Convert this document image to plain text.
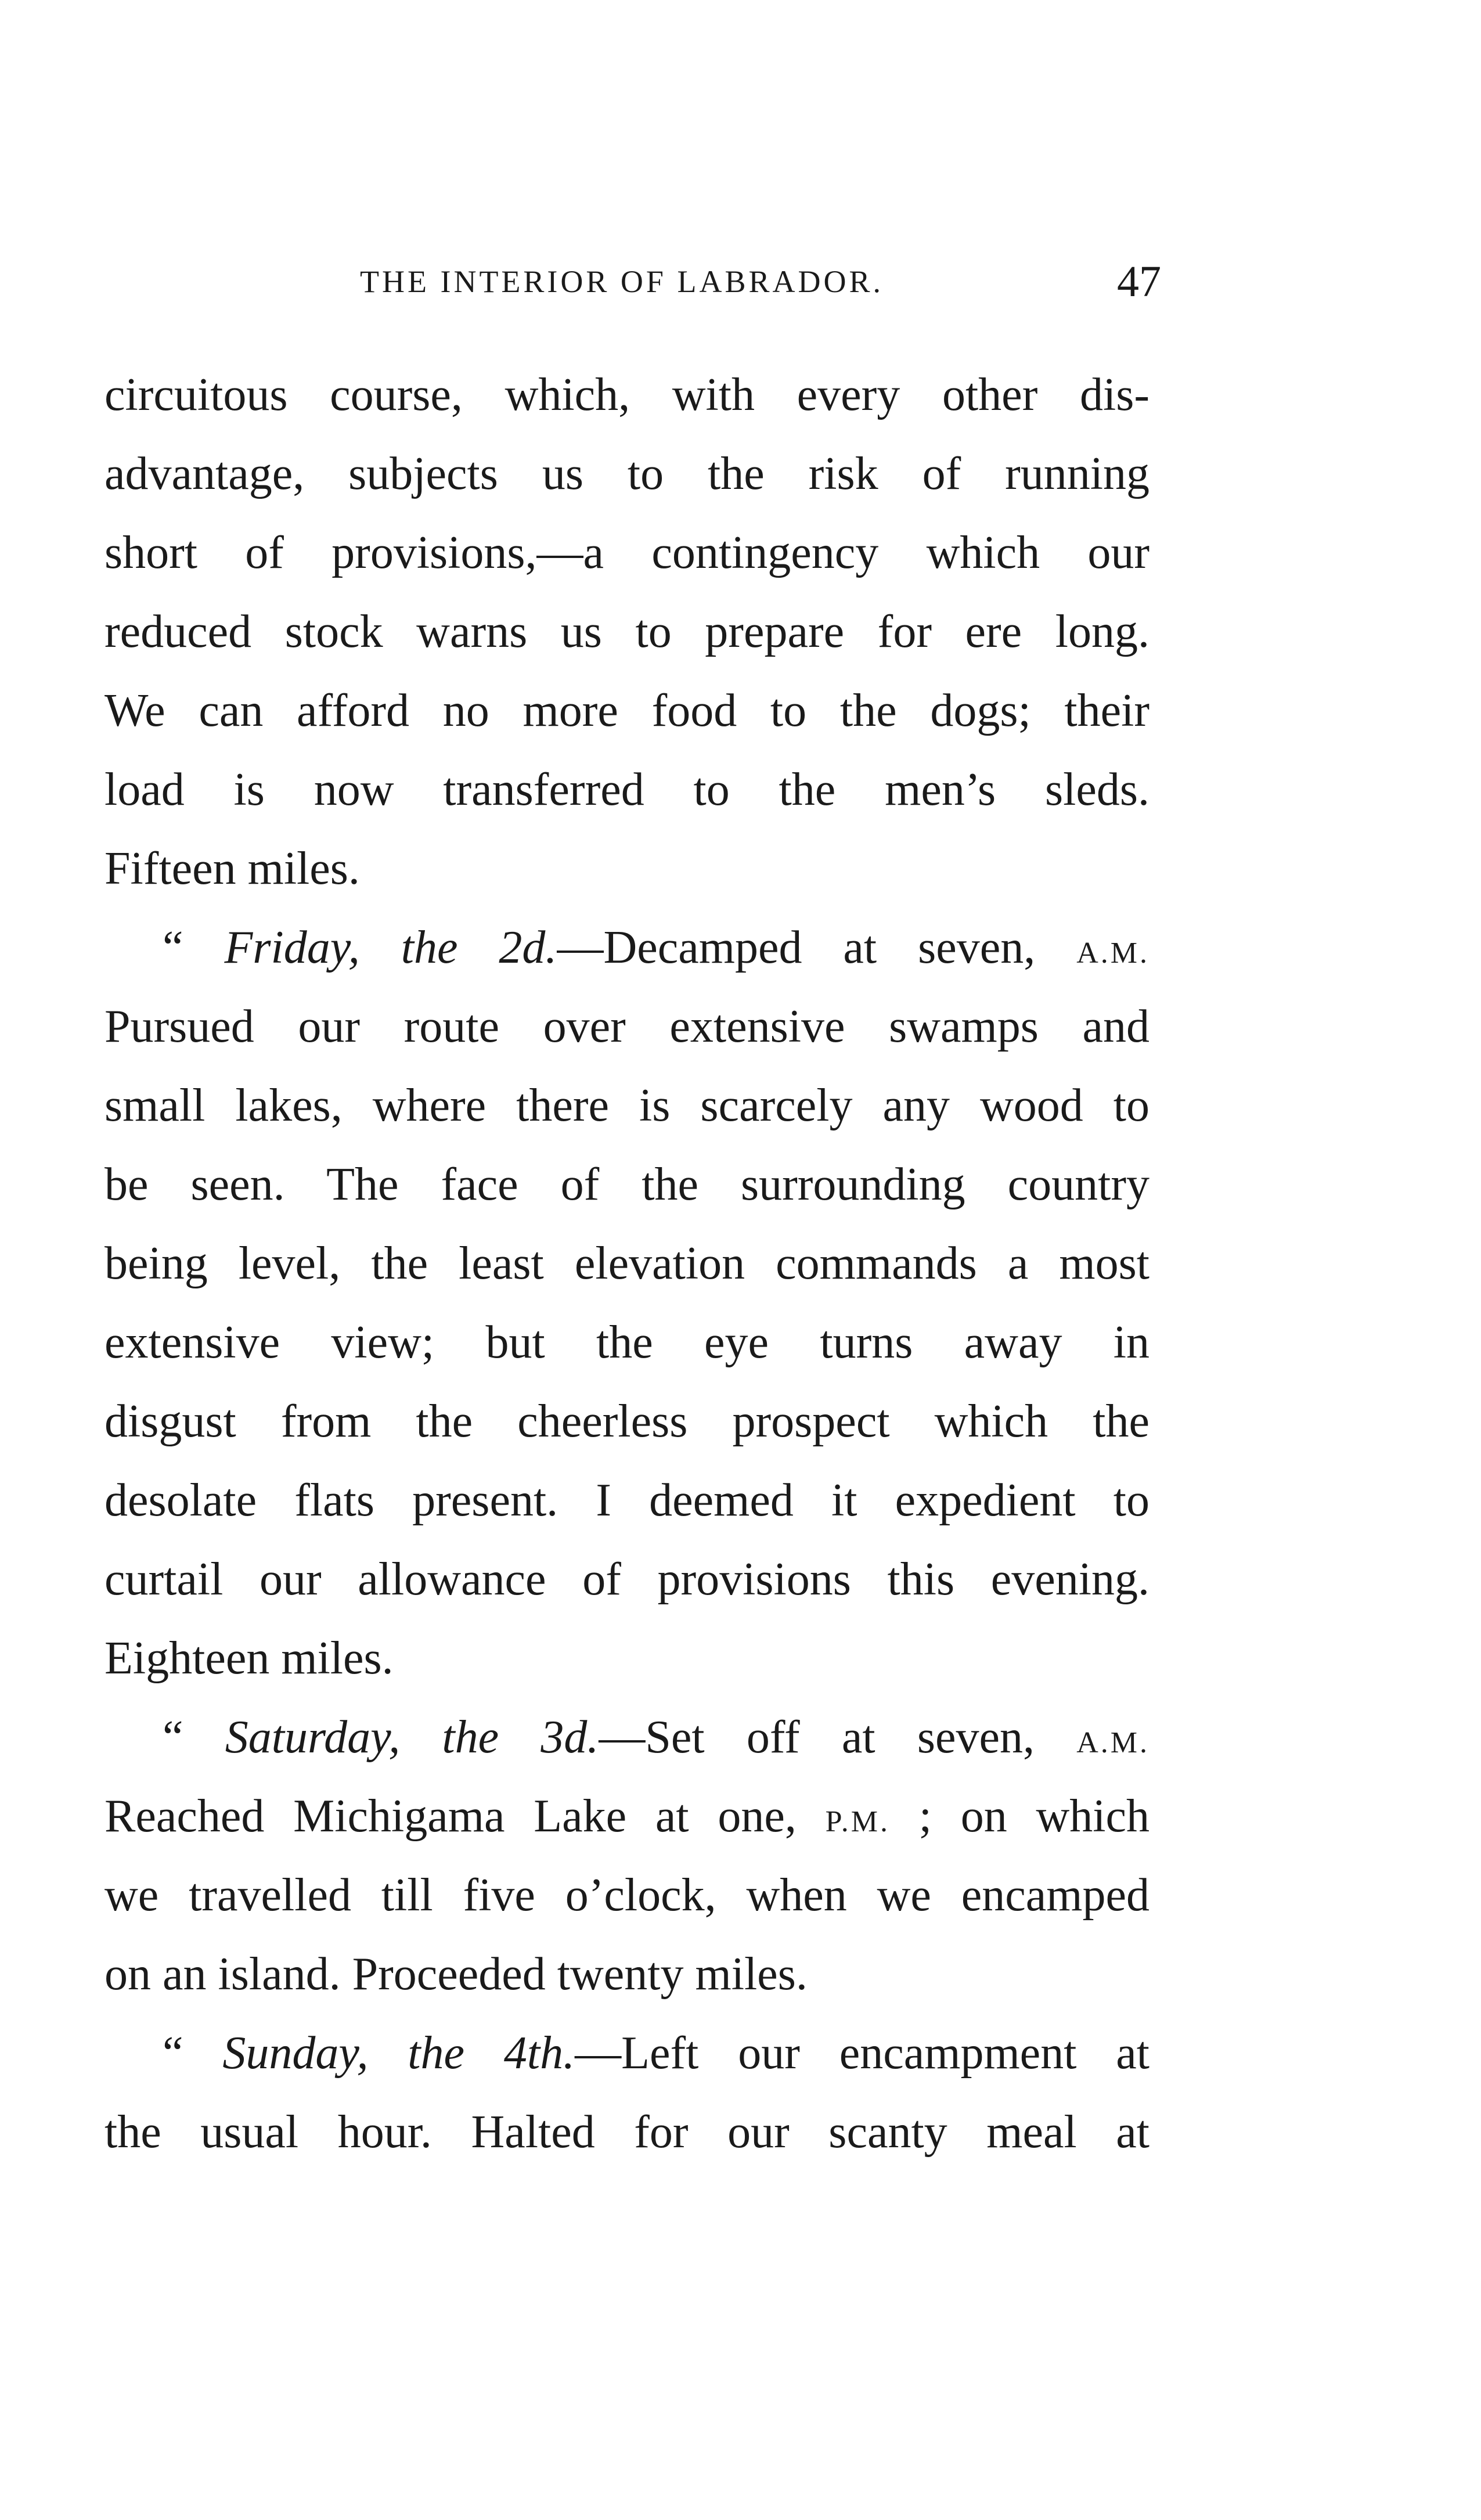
THE INTERIOR OF LABRADOR.	47
circuitous course, which, with every other dis-
advantage, subjects us to the risk of running
short of provisions,—a contingency which our
reduced stock warns us to prepare for ere long.
We can afford no more food to the dogs; their
load is now transferred to the men’s sleds.
Fifteen miles.
“ Friday, the 2d.—Decamped at seven, A.M.
Pursued our route over extensive swamps and
small lakes, where there is scarcely any wood to
be seen. The face of the surrounding country
being level, the least elevation commands a most
extensive view; but the eye turns away in
disgust from the cheerless prospect which the
desolate flats present. I deemed it expedient to
curtail our allowance of provisions this evening.
Eighteen miles.
“ Saturday, the 3d.—Set off at seven, A.M.
Reached Michigama Lake at one, P.M. ; on which
we travelled till five o’clock, when we encamped
on an island. Proceeded twenty miles.
“ Sunday, the 4th.—Left our encampment at
the usual hour. Halted for our scanty meal at
